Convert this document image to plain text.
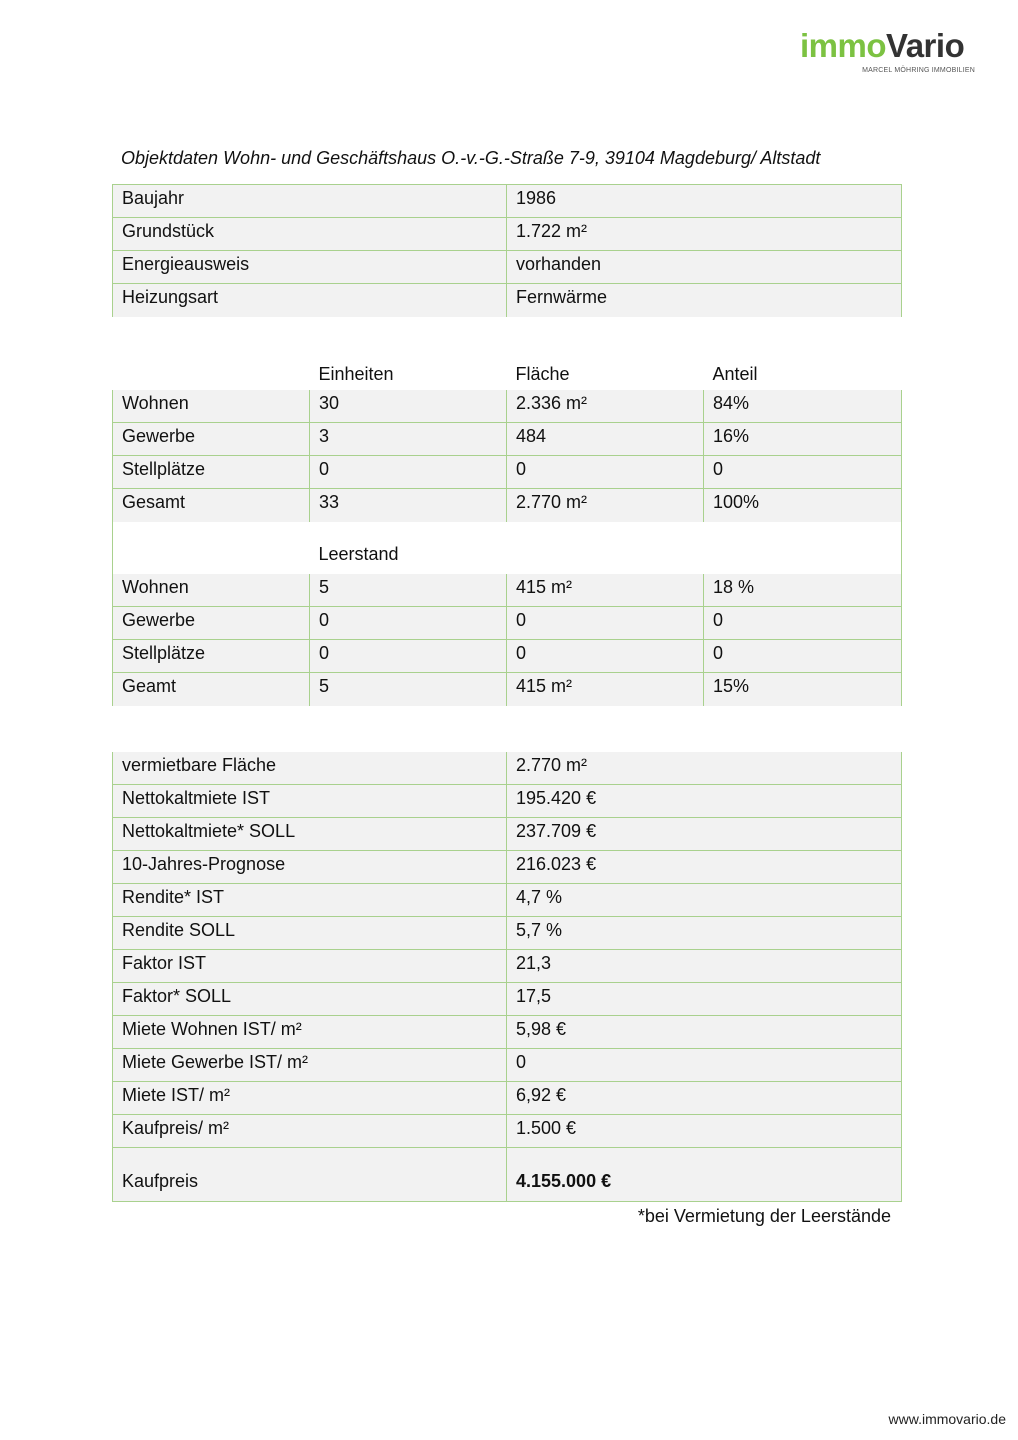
immoVario
MARCEL MÖHRING IMMOBILIEN
Objektdaten Wohn- und Geschäftshaus O.-v.-G.-Straße 7-9, 39104 Magdeburg/ Altstadt
Baujahr	1986
Grundstück	1.722 m²
Energieausweis	vorhanden
Heizungsart	Fernwärme
	Einheiten	Fläche	Anteil
Wohnen	30	2.336 m²	84%
Gewerbe	3	484	16%
Stellplätze	0	0	0
Gesamt	33	2.770 m²	100%
	Leerstand		
Wohnen	5	415 m²	18 %
Gewerbe	0	0	0
Stellplätze	0	0	0
Geamt	5	415 m²	15%
vermietbare Fläche	2.770 m²
Nettokaltmiete IST	195.420 €
Nettokaltmiete* SOLL	237.709 €
10-Jahres-Prognose	216.023 €
Rendite* IST	4,7 %
Rendite SOLL	5,7 %
Faktor IST	21,3
Faktor* SOLL	17,5
Miete Wohnen IST/ m²	5,98 €
Miete Gewerbe IST/ m²	0
Miete IST/ m²	6,92 €
Kaufpreis/ m²	1.500 €
Kaufpreis	4.155.000 €
*bei Vermietung der Leerstände
www.immovario.de
